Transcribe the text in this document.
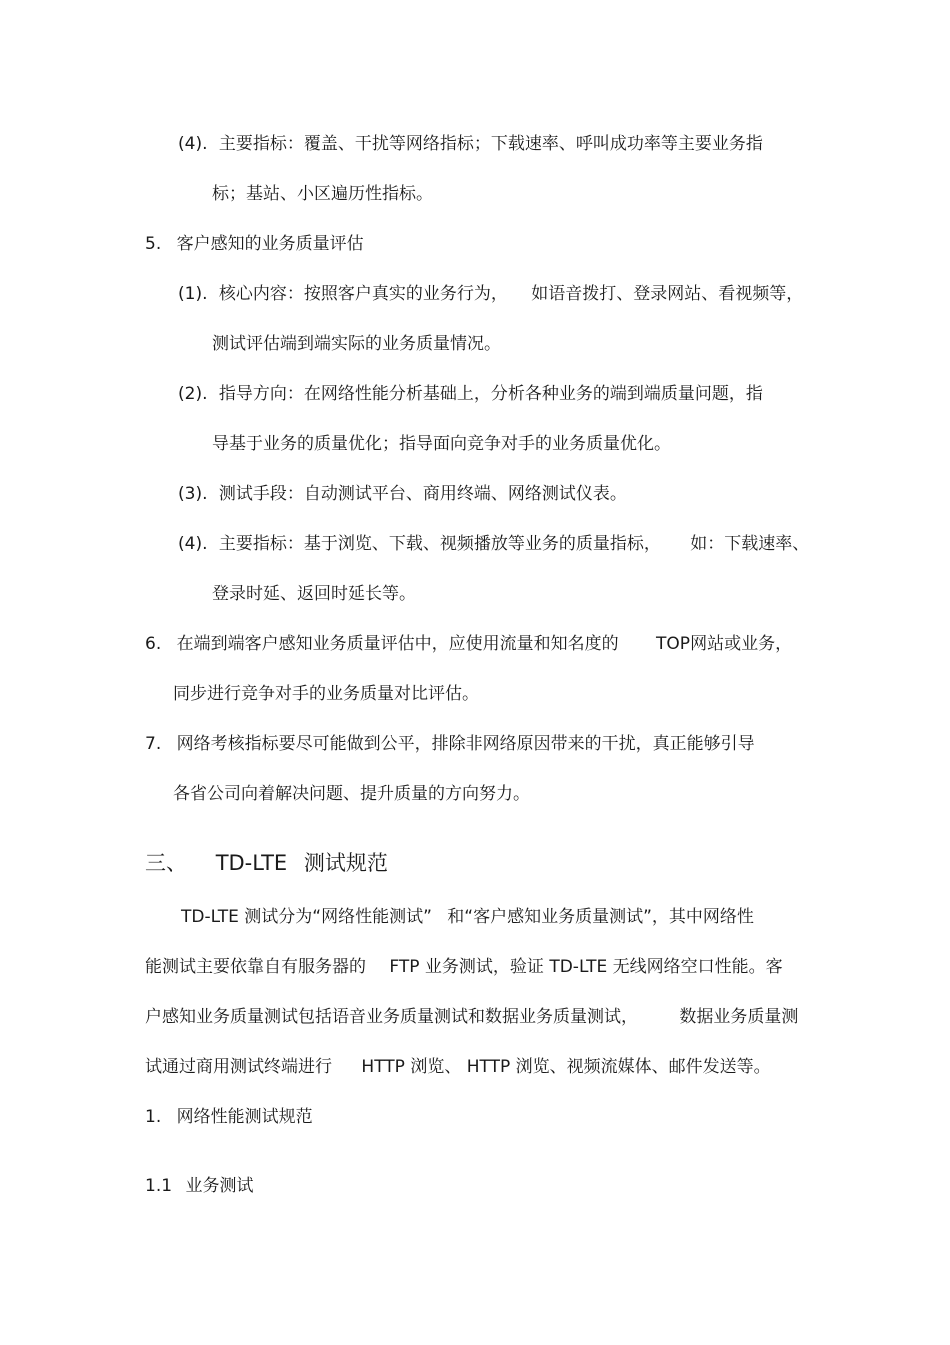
(4). 主要指标：覆盖、干扰等网络指标；下载速率、呼叫成功率等主要业务指
标；基站、小区遍历性指标。
5. 客户感知的业务质量评估
(1). 核心内容：按照客户真实的业务行为， 如语音拨打、登录网站、看视频等，
测试评估端到端实际的业务质量情况。
(2). 指导方向：在网络性能分析基础上，分析各种业务的端到端质量问题，指
导基于业务的质量优化；指导面向竞争对手的业务质量优化。
(3). 测试手段：自动测试平台、商用终端、网络测试仪表。
(4). 主要指标：基于浏览、下载、视频播放等业务的质量指标， 如：下载速率、
登录时延、返回时延长等。
6. 在端到端客户感知业务质量评估中，应使用流量和知名度的 TOP网站或业务，
同步进行竞争对手的业务质量对比评估。
7. 网络考核指标要尽可能做到公平，排除非网络原因带来的干扰，真正能够引导
各省公司向着解决问题、提升质量的方向努力。
三、 TD-LTE 测试规范
TD-LTE 测试分为“网络性能测试” 和“客户感知业务质量测试”，其中网络性
能测试主要依靠自有服务器的 FTP 业务测试，验证 TD-LTE 无线网络空口性能。客
户感知业务质量测试包括语音业务质量测试和数据业务质量测试， 数据业务质量测
试通过商用测试终端进行 HTTP 浏览、 HTTP 浏览、视频流媒体、邮件发送等。
1. 网络性能测试规范
1.1 业务测试
